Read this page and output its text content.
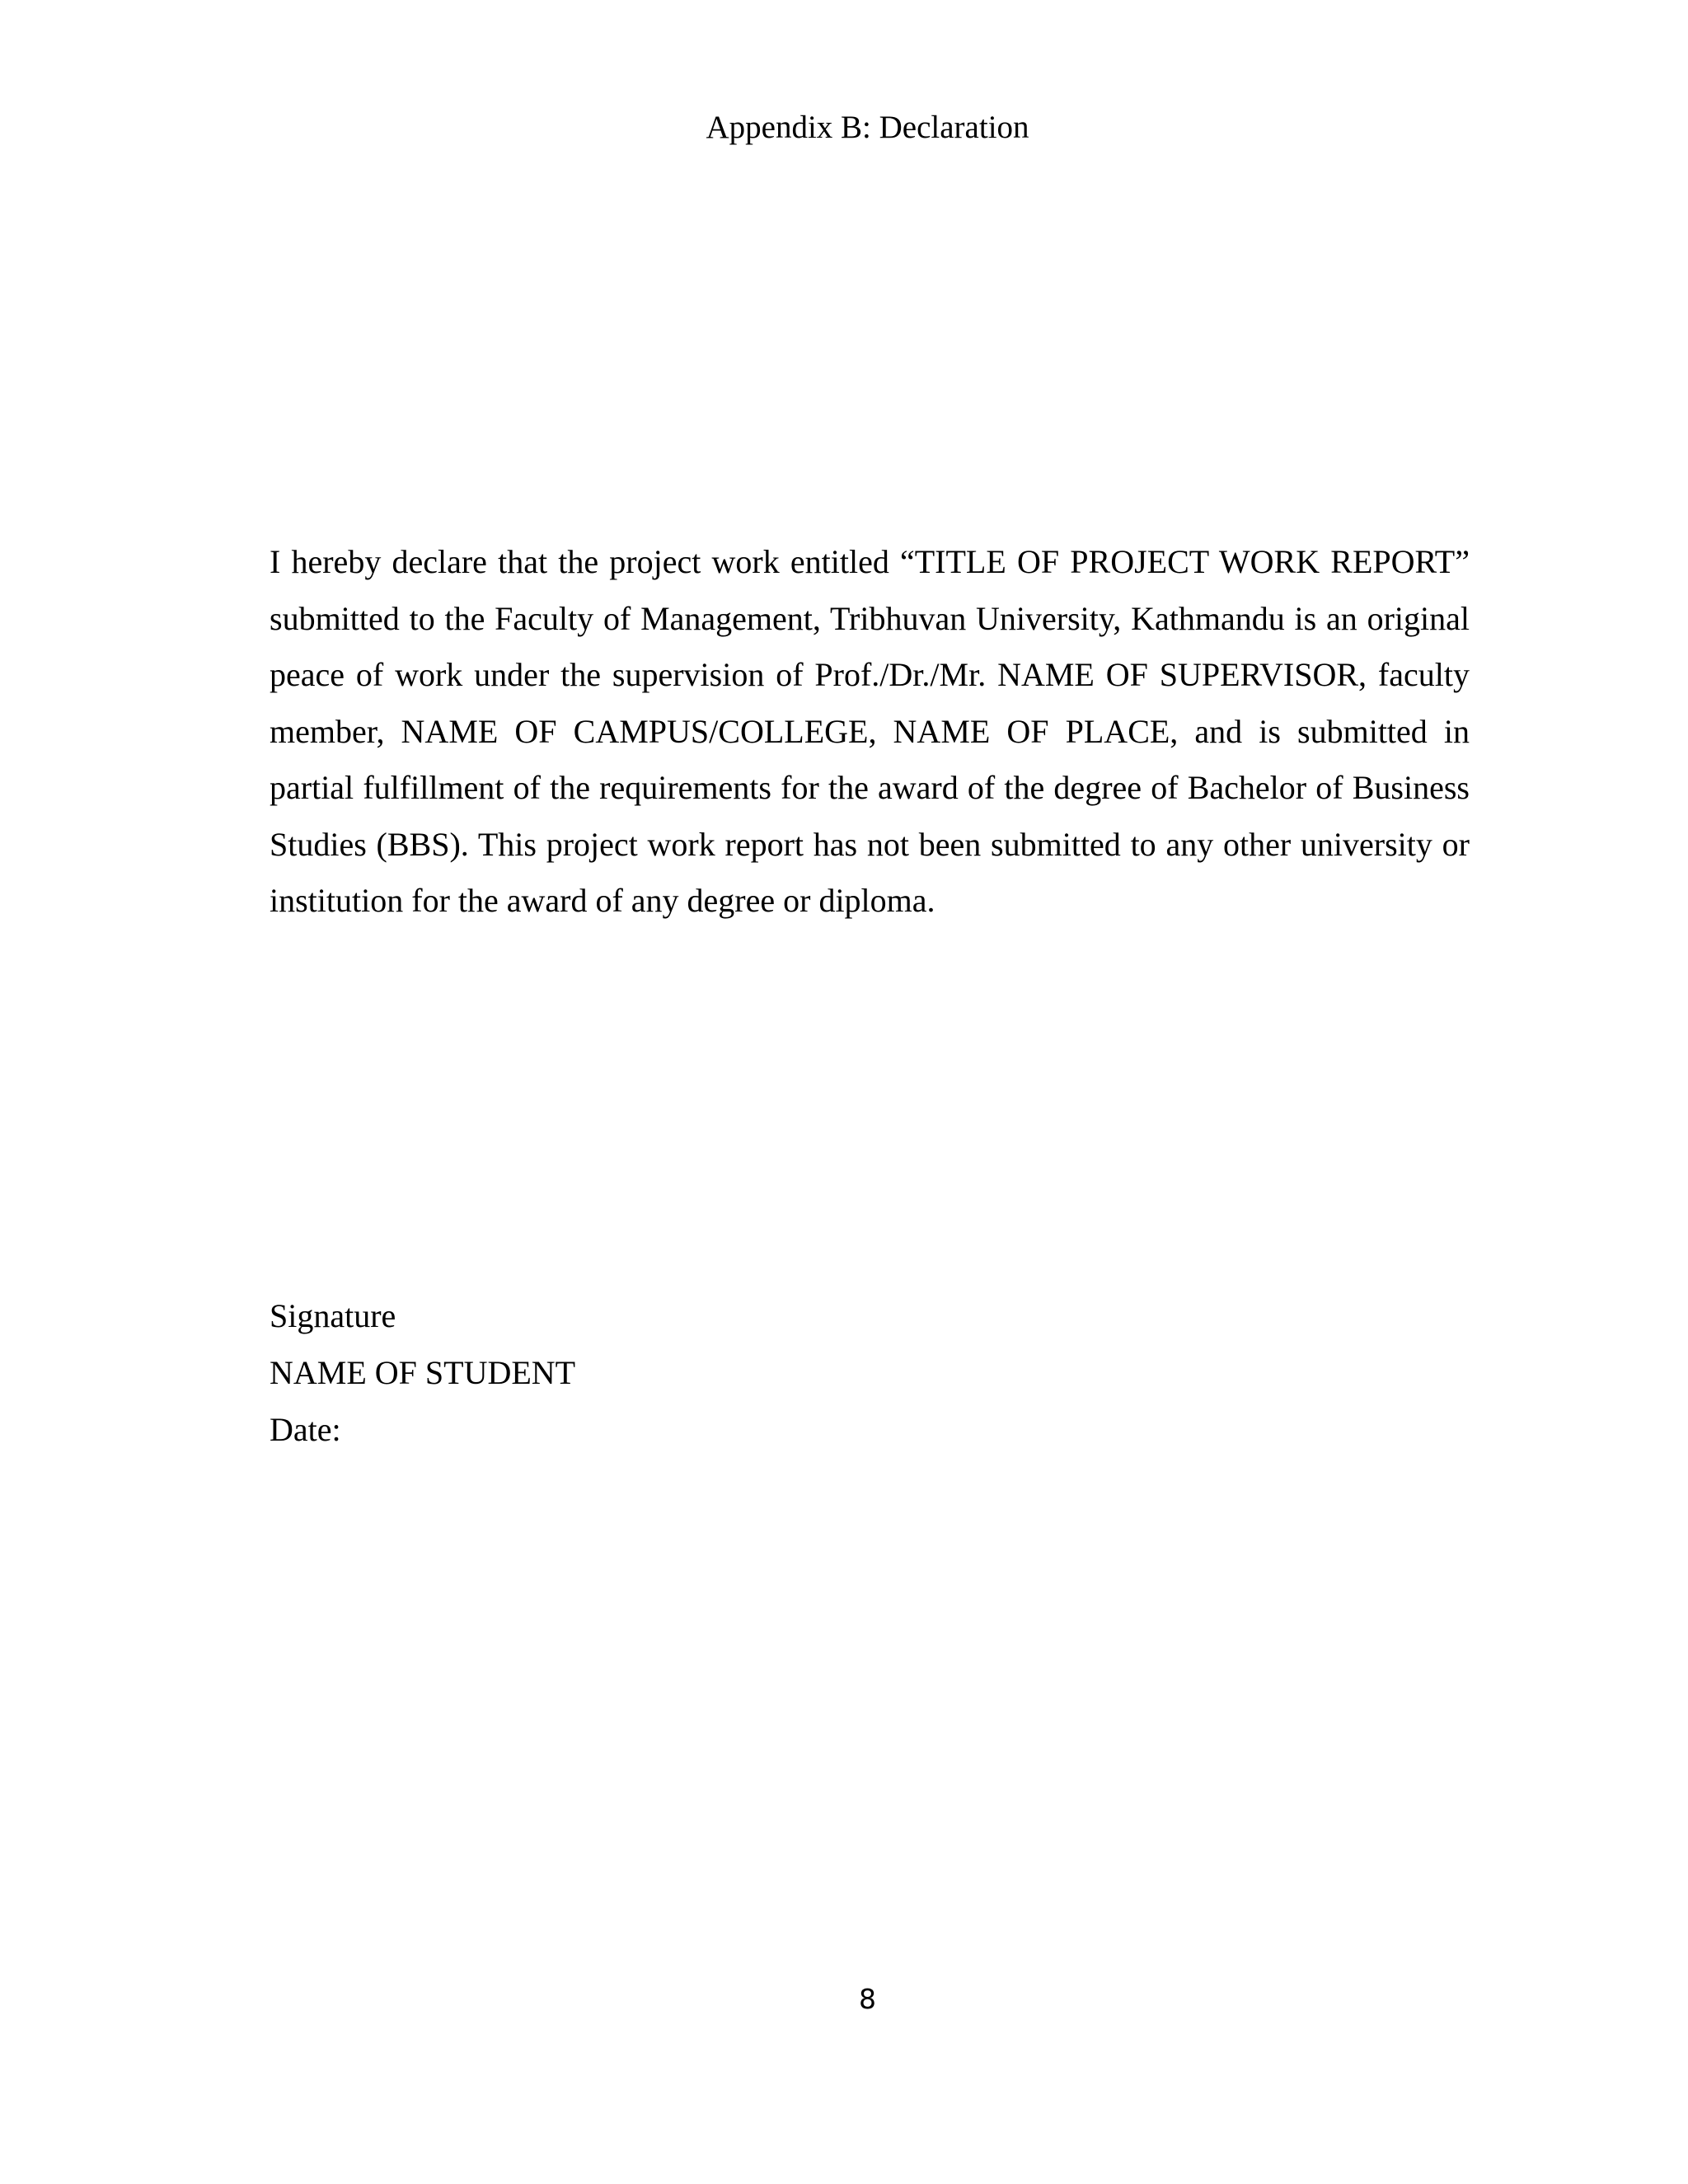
Appendix B: Declaration

I hereby declare that the project work entitled “TITLE OF PROJECT WORK REPORT” submitted to the Faculty of Management, Tribhuvan University, Kathmandu is an original peace of work under the supervision of Prof./Dr./Mr. NAME OF SUPERVISOR, faculty member, NAME OF CAMPUS/COLLEGE, NAME OF PLACE, and is submitted in partial fulfillment of the requirements for the award of the degree of Bachelor of Business Studies (BBS). This project work report has not been submitted to any other university or institution for the award of any degree or diploma.

Signature
NAME OF STUDENT
Date:
8
